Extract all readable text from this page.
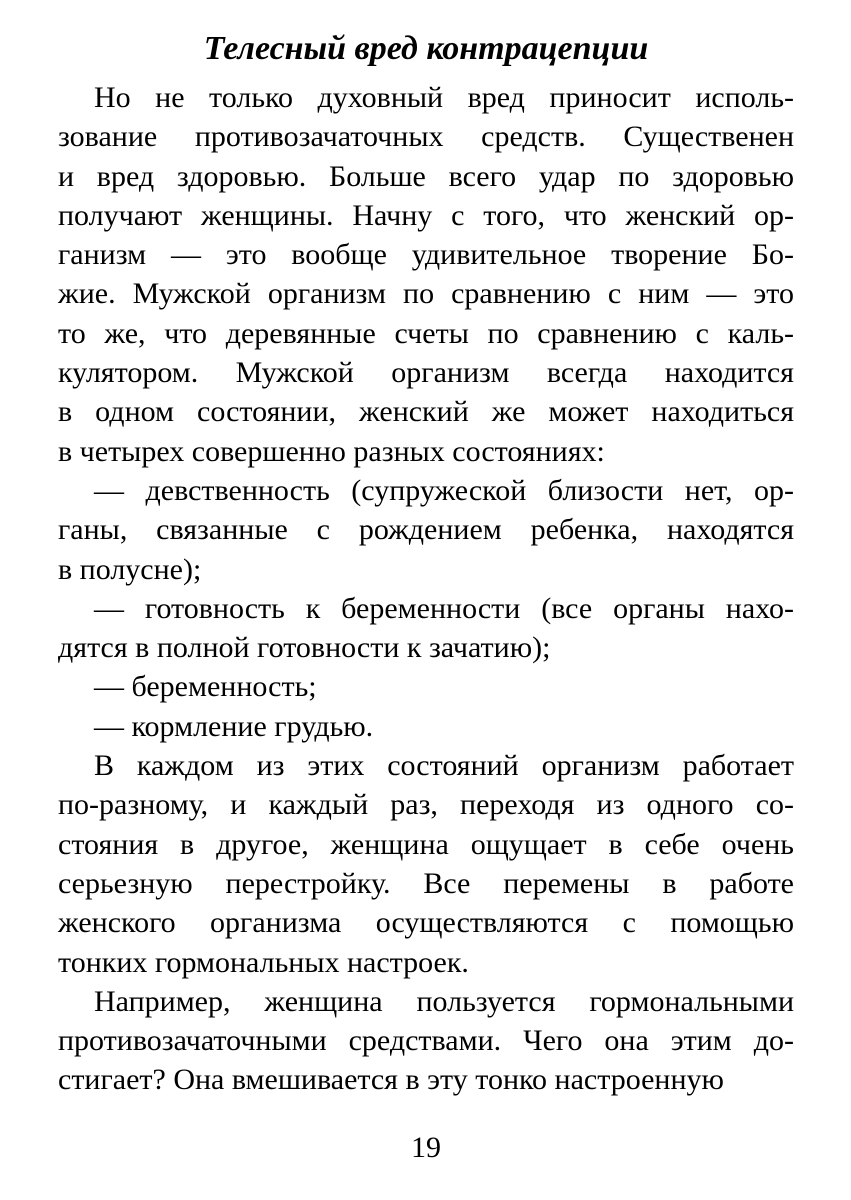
Телесный вред контрацепции
Но не только духовный вред приносит исполь-
зование противозачаточных средств. Существенен
и вред здоровью. Больше всего удар по здоровью
получают женщины. Начну с того, что женский ор-
ганизм — это вообще удивительное творение Бо-
жие. Мужской организм по сравнению с ним — это
то же, что деревянные счеты по сравнению с каль-
кулятором. Мужской организм всегда находится
в одном состоянии, женский же может находиться
в четырех совершенно разных состояниях:
— девственность (супружеской близости нет, ор-
ганы, связанные с рождением ребенка, находятся
в полусне);
— готовность к беременности (все органы нахо-
дятся в полной готовности к зачатию);
— беременность;
— кормление грудью.
В каждом из этих состояний организм работает
по-разному, и каждый раз, переходя из одного со-
стояния в другое, женщина ощущает в себе очень
серьезную перестройку. Все перемены в работе
женского организма осуществляются с помощью
тонких гормональных настроек.
Например, женщина пользуется гормональными
противозачаточными средствами. Чего она этим до-
стигает? Она вмешивается в эту тонко настроенную
19
